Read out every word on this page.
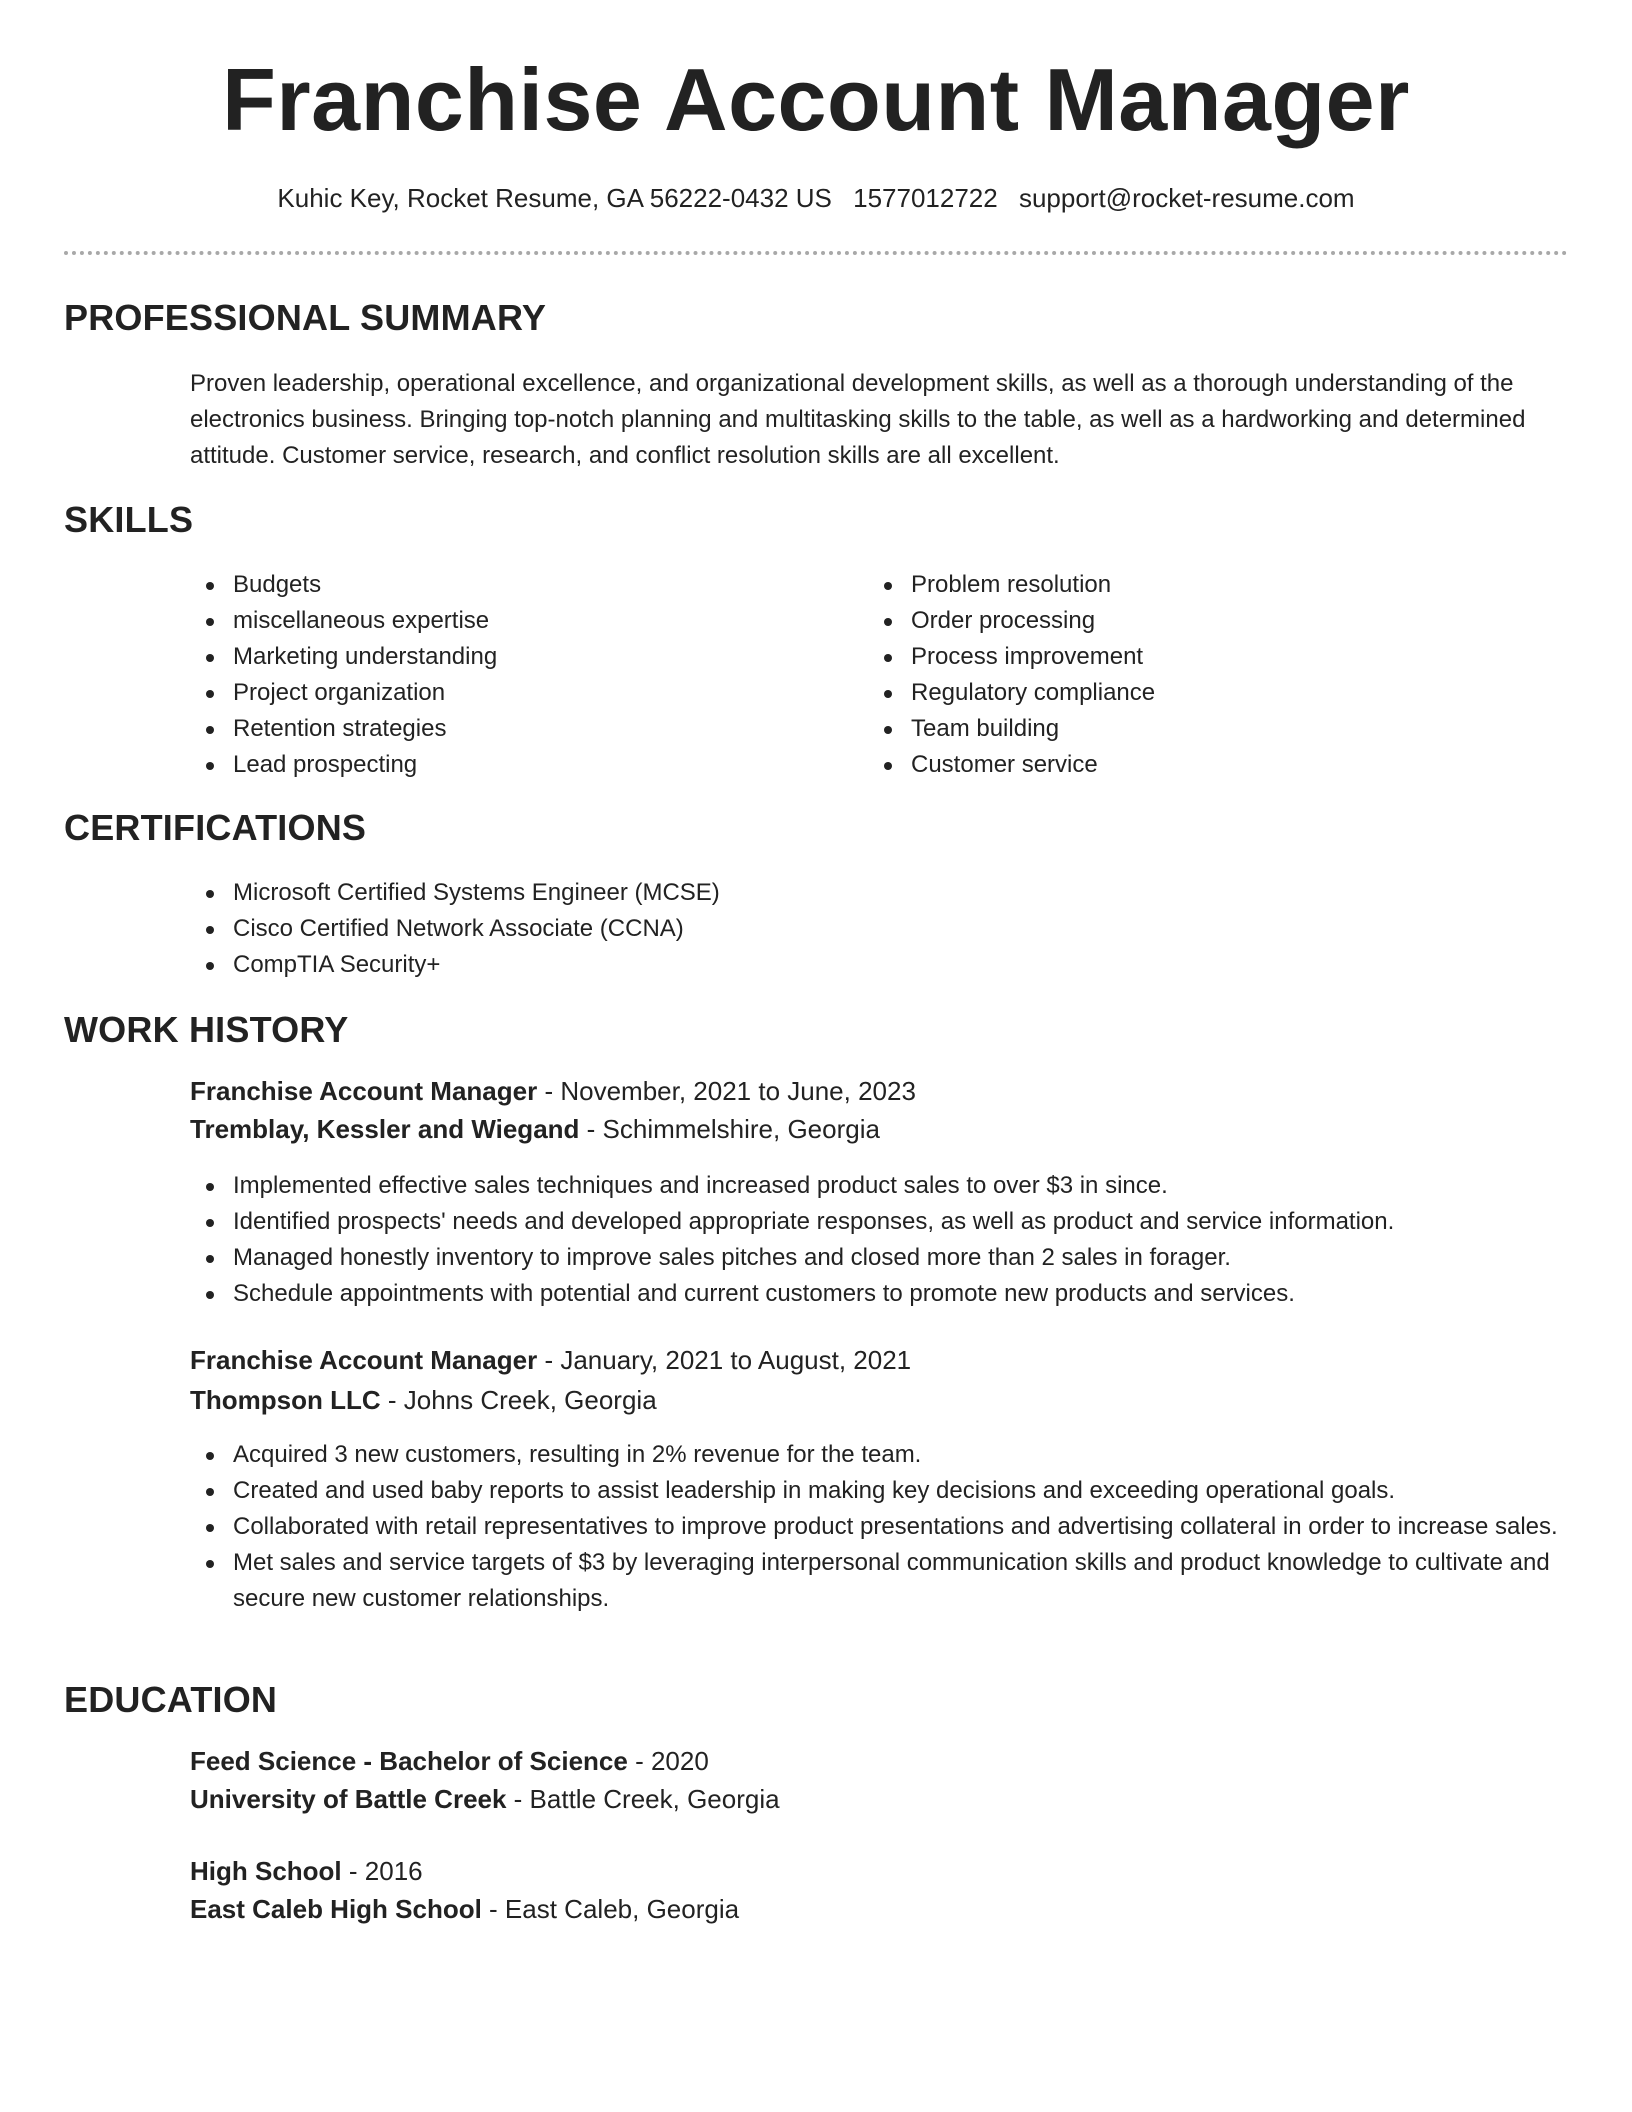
Franchise Account Manager
Kuhic Key, Rocket Resume, GA 56222-0432 US 1577012722 support@rocket-resume.com
PROFESSIONAL SUMMARY

Proven leadership, operational excellence, and organizational development skills, as well as a thorough understanding of the electronics business. Bringing top-notch planning and multitasking skills to the table, as well as a hardworking and determined attitude. Customer service, research, and conflict resolution skills are all excellent.

SKILLS
Budgets
miscellaneous expertise
Marketing understanding
Project organization
Retention strategies
Lead prospecting
Problem resolution
Order processing
Process improvement
Regulatory compliance
Team building
Customer service
CERTIFICATIONS
Microsoft Certified Systems Engineer (MCSE)
Cisco Certified Network Associate (CCNA)
CompTIA Security+
WORK HISTORY
Franchise Account Manager - November, 2021 to June, 2023
Tremblay, Kessler and Wiegand - Schimmelshire, Georgia
Implemented effective sales techniques and increased product sales to over $3 in since.
Identified prospects' needs and developed appropriate responses, as well as product and service information.
Managed honestly inventory to improve sales pitches and closed more than 2 sales in forager.
Schedule appointments with potential and current customers to promote new products and services.
Franchise Account Manager - January, 2021 to August, 2021
Thompson LLC - Johns Creek, Georgia
Acquired 3 new customers, resulting in 2% revenue for the team.
Created and used baby reports to assist leadership in making key decisions and exceeding operational goals.
Collaborated with retail representatives to improve product presentations and advertising collateral in order to increase sales.
Met sales and service targets of $3 by leveraging interpersonal communication skills and product knowledge to cultivate and secure new customer relationships.
EDUCATION
Feed Science - Bachelor of Science - 2020
University of Battle Creek - Battle Creek, Georgia
High School - 2016
East Caleb High School - East Caleb, Georgia
